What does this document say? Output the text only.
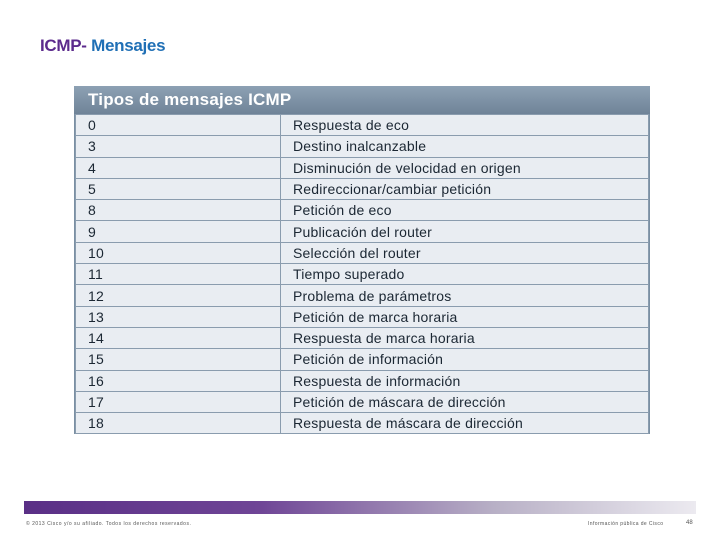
ICMP- Mensajes
Tipos de mensajes ICMP
0	Respuesta de eco
3	Destino inalcanzable
4	Disminución de velocidad en origen
5	Redireccionar/cambiar petición
8	Petición de eco
9	Publicación del router
10	Selección del router
11	Tiempo superado
12	Problema de parámetros
13	Petición de marca horaria
14	Respuesta de marca horaria
15	Petición de información
16	Respuesta de información
17	Petición de máscara de dirección
18	Respuesta de máscara de dirección
© 2013 Cisco y/o su afiliado. Todos los derechos reservados.	Información pública de Cisco	48
